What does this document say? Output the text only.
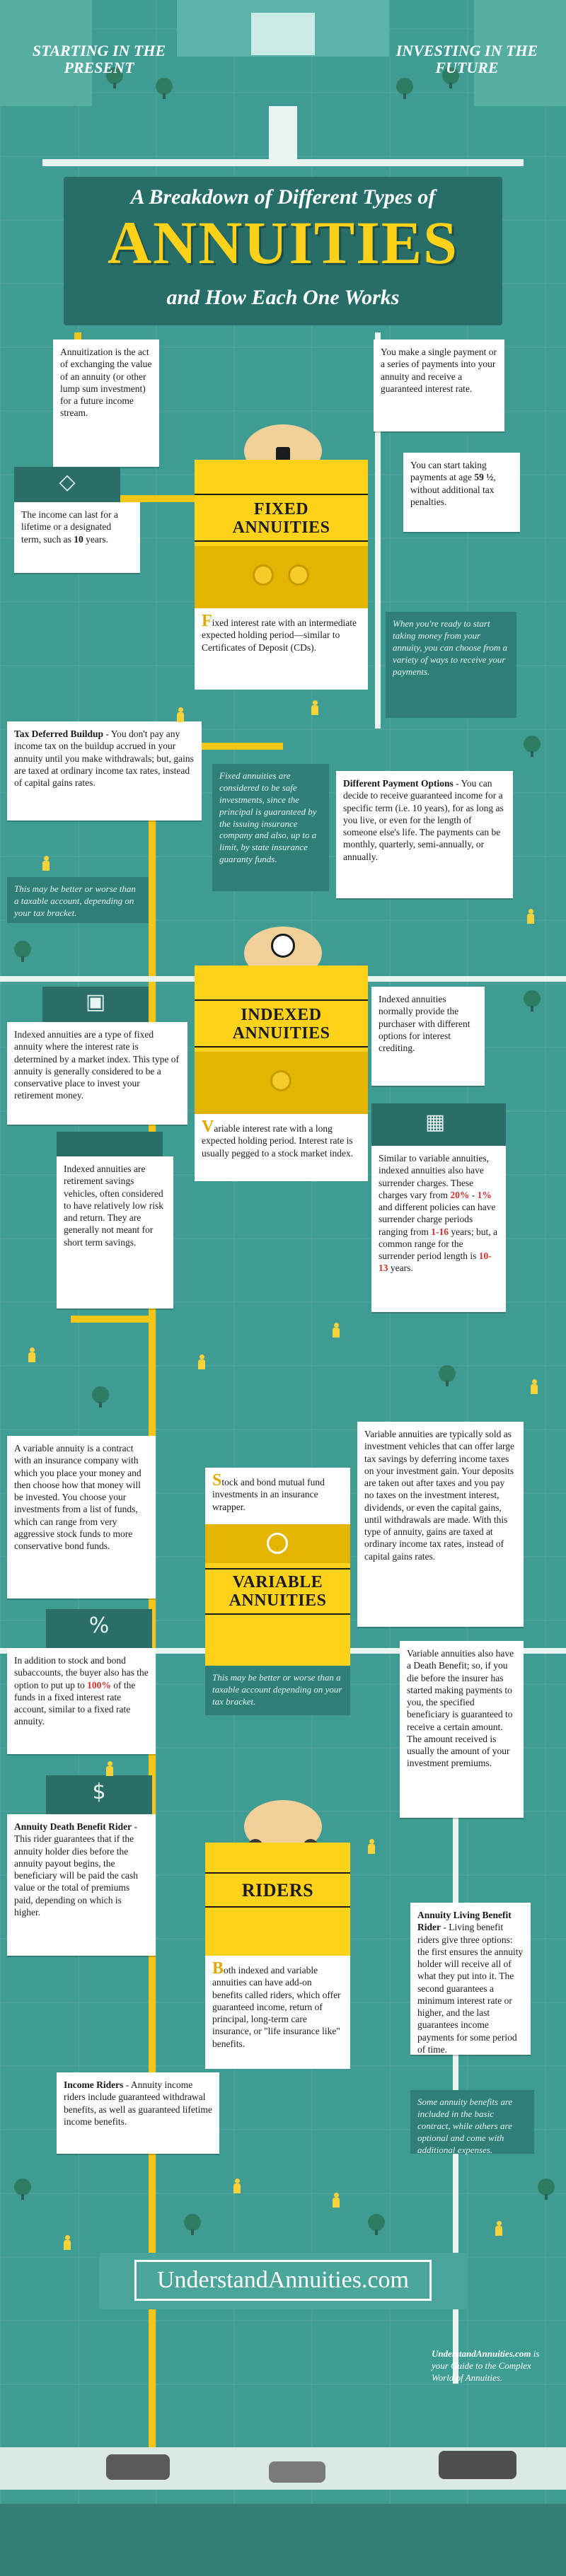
STARTING IN THE PRESENT
INVESTING IN THE FUTURE
A Breakdown of Different Types of
ANNUITIES
and How Each One Works
Annuitization is the act of exchanging the value of an annuity (or other lump sum investment) for a future income stream.
You make a single payment or a series of payments into your annuity and receive a guaranteed interest rate.
You can start taking payments at age 59 ½, without additional tax penalties.
◇
The income can last for a lifetime or a designated term, such as 10 years.
FIXED
ANNUITIES
Fixed interest rate with an intermediate expected holding period—similar to Certificates of Deposit (CDs).
When you're ready to start taking money from your annuity, you can choose from a variety of ways to receive your payments.
Tax Deferred Buildup - You don't pay any income tax on the buildup accrued in your annuity until you make withdrawals; but, gains are taxed at ordinary income tax rates, instead of capital gains rates.
Fixed annuities are considered to be safe investments, since the principal is guaranteed by the issuing insurance company and also, up to a limit, by state insurance guaranty funds.
Different Payment Options - You can decide to receive guaranteed income for a specific term (i.e. 10 years), for as long as you live, or even for the length of someone else's life. The payments can be monthly, quarterly, semi-annually, or annually.
This may be better or worse than a taxable account, depending on your tax bracket.
INDEXED
ANNUITIES
Variable interest rate with a long expected holding period. Interest rate is usually pegged to a stock market index.
▣
Indexed annuities are a type of fixed annuity where the interest rate is determined by a market index. This type of annuity is generally considered to be a conservative place to invest your retirement money.
Indexed annuities normally provide the purchaser with different options for interest crediting.
Indexed annuities are retirement savings vehicles, often considered to have relatively low risk and return. They are generally not meant for short term savings.
▦
Similar to variable annuities, indexed annuities also have surrender charges. These charges vary from 20% - 1% and different policies can have surrender charge periods ranging from 1-16 years; but, a common range for the surrender period length is 10-13 years.
A variable annuity is a contract with an insurance company with which you place your money and then choose how that money will be invested. You choose your investments from a list of funds, which can range from very aggressive stock funds to more conservative bond funds.
Variable annuities are typically sold as investment vehicles that can offer large tax savings by deferring income taxes on your investment gain. Your deposits are taken out after taxes and you pay no taxes on the investment interest, dividends, or even the capital gains, until withdrawals are made. With this type of annuity, gains are taxed at ordinary income tax rates, instead of capital gains rates.
Stock and bond mutual fund investments in an insurance wrapper.
VARIABLE
ANNUITIES
%
In addition to stock and bond subaccounts, the buyer also has the option to put up to 100% of the funds in a fixed interest rate account, similar to a fixed rate annuity.
This may be better or worse than a taxable account depending on your tax bracket.
Variable annuities also have a Death Benefit; so, if you die before the insurer has started making payments to you, the specified beneficiary is guaranteed to receive a certain amount. The amount received is usually the amount of your investment premiums.
$
RIDERS
Both indexed and variable annuities can have add-on benefits called riders, which offer guaranteed income, return of principal, long-term care insurance, or "life insurance like" benefits.
Annuity Death Benefit Rider - This rider guarantees that if the annuity holder dies before the annuity payout begins, the beneficiary will be paid the cash value or the total of premiums paid, depending on which is higher.	Annuity Living Benefit Rider - Living benefit riders give three options: the first ensures the annuity holder will receive all of what they put into it. The second guarantees a minimum interest rate or higher, and the last guarantees income payments for some period of time.
Income Riders - Annuity income riders include guaranteed withdrawal benefits, as well as guaranteed lifetime income benefits.
Some annuity benefits are included in the basic contract, while others are optional and come with additional expenses.
UnderstandAnnuities.com
UnderstandAnnuities.com is your Guide to the Complex World of Annuities.
